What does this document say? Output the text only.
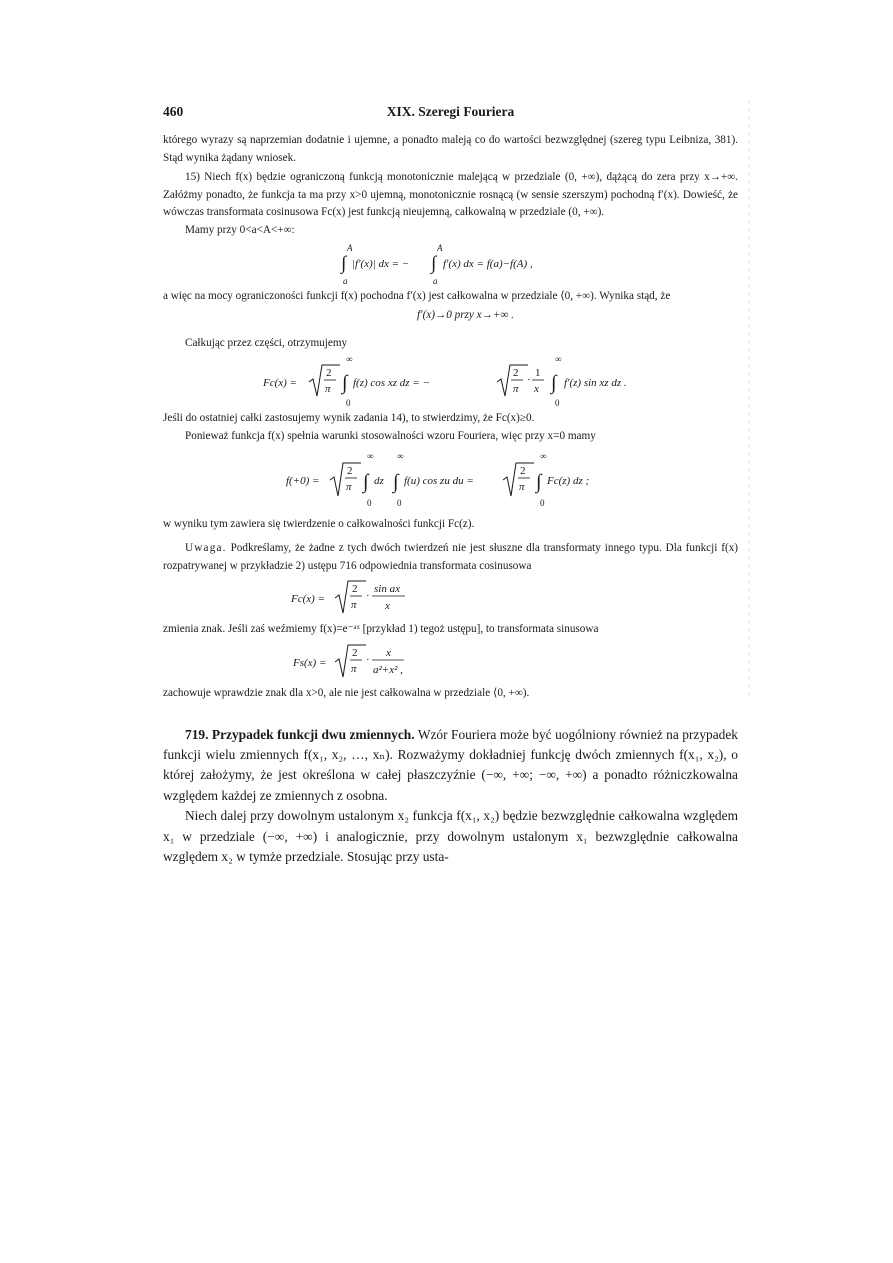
460	XIX. Szeregi Fouriera

którego wyrazy są naprzemian dodatnie i ujemne, a ponadto maleją co do wartości bezwzględnej (szereg typu Leibniza, 381). Stąd wynika żądany wniosek.

15) Niech f(x) będzie ograniczoną funkcją monotonicznie malejącą w przedziale (0, +∞), dążącą do zera przy x→+∞. Załóżmy ponadto, że funkcja ta ma przy x>0 ujemną, monotonicznie rosnącą (w sensie szerszym) pochodną f′(x). Dowieść, że wówczas transformata cosinusowa Fc(x) jest funkcją nieujemną, całkowalną w przedziale (0, +∞).

Mamy przy 0<a<A<+∞:

A
∫
a
|f′(x)| dx = −
A
∫
a
f′(x) dx = f(a)−f(A) ,

a więc na mocy ograniczoności funkcji f(x) pochodna f′(x) jest całkowalna w przedziale ⟨0, +∞). Wynika stąd, że

f′(x)→0 przy x→+∞ .

Całkując przez części, otrzymujemy

Fc(x) =
2
π
∞
∫
0
f(z) cos xz dz = −
2
π
·
1
x
∞
∫
0
f′(z) sin xz dz .

Jeśli do ostatniej całki zastosujemy wynik zadania 14), to stwierdzimy, że Fc(x)≥0.

Ponieważ funkcja f(x) spełnia warunki stosowalności wzoru Fouriera, więc przy x=0 mamy

f(+0) =
2
π
∞
∫
0
dz
∞
∫
0
f(u) cos zu du =
2
π
∞
∫
0
Fc(z) dz ;

w wyniku tym zawiera się twierdzenie o całkowalności funkcji Fc(z).

Uwaga. Podkreślamy, że żadne z tych dwóch twierdzeń nie jest słuszne dla transformaty innego typu. Dla funkcji f(x) rozpatrywanej w przykładzie 2) ustępu 716 odpowiednia transformata cosinusowa

Fc(x) =
2
π
·
sin ax
x

zmienia znak. Jeśli zaś weźmiemy f(x)=e⁻ᵃˣ [przykład 1) tegoż ustępu], to transformata sinusowa

Fs(x) =
2
π
·
x
a²+x² ,

zachowuje wprawdzie znak dla x>0, ale nie jest całkowalna w przedziale ⟨0, +∞).

719. Przypadek funkcji dwu zmiennych. Wzór Fouriera może być uogólniony również na przypadek funkcji wielu zmiennych f(x₁, x₂, …, xₙ). Rozważymy dokładniej funkcję dwóch zmiennych f(x₁, x₂), o której założymy, że jest określona w całej płaszczyźnie (−∞, +∞; −∞, +∞) a ponadto różniczkowalna względem każdej ze zmiennych z osobna.

Niech dalej przy dowolnym ustalonym x₂ funkcja f(x₁, x₂) będzie bezwzględnie całkowalna względem x₁ w przedziale (−∞, +∞) i analogicznie, przy dowolnym ustalonym x₁ bezwzględnie całkowalna względem x₂ w tymże przedziale. Stosując przy usta-
